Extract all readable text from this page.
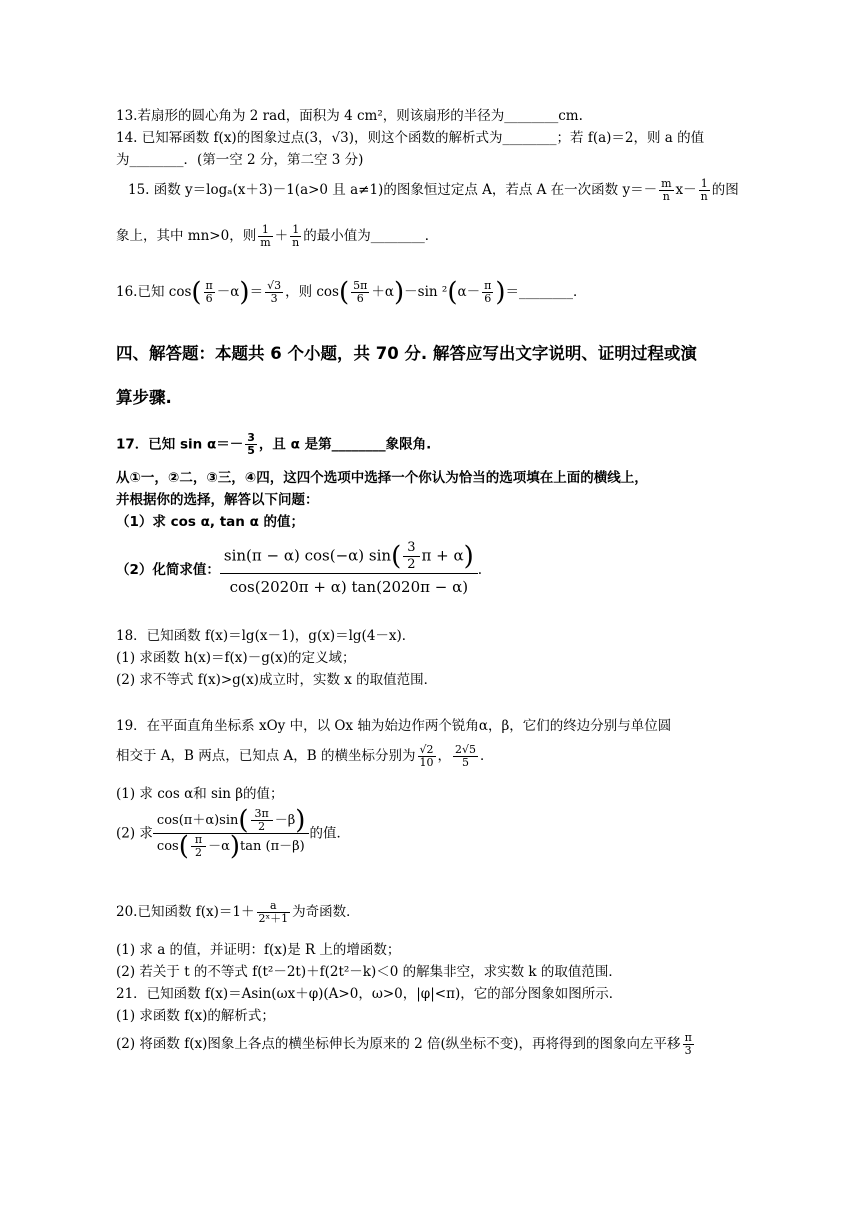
13.若扇形的圆心角为 2 rad，面积为 4 cm²，则该扇形的半径为________cm.
14. 已知幂函数 f(x)的图象过点(3，√3)，则这个函数的解析式为________；若 f(a)＝2，则 a 的值
为________．(第一空 2 分，第二空 3 分)
15. 函数 y＝logₐ(x＋3)－1(a>0 且 a≠1)的图象恒过定点 A，若点 A 在一次函数 $y=- \frac{m}{n} x- \frac{1}{n}$ 的图
象上，其中 mn>0，则 $\frac{1}{m} + \frac{1}{n}$ 的最小值为________．
16.已知 $\cos( \frac{\pi}{6} -\alpha)= \frac{√3}{3}$ ，则 $\cos( \frac{5\pi}{6} +\alpha)-\sin$ $^2(\alpha- \frac{\pi}{6}$ )＝________．
四、解答题：本题共 6 个小题，共 70 分. 解答应写出文字说明、证明过程或演
算步骤.
17．已知 $\sin \alpha=- \frac{3}{5}$ ，且 α 是第________象限角.
从①一，②二，③三，④四，这四个选项中选择一个你认为恰当的选项填在上面的横线上，
并根据你的选择，解答以下问题：
（1）求 cos α, tan α 的值；
（2）化简求值： $\frac{\sin(\pi - \alpha) \cos(-\alpha) \sin( \frac{3}{2} \pi + \alpha)}{\cos(2020\pi + \alpha) \tan(2020\pi - \alpha)}$ .
18．已知函数 f(x)＝lg(x－1)，g(x)＝lg(4－x)．
(1) 求函数 h(x)＝f(x)－g(x)的定义域；
(2) 求不等式 f(x)>g(x)成立时，实数 x 的取值范围．
19．在平面直角坐标系 xOy 中，以 Ox 轴为始边作两个锐角α，β，它们的终边分别与单位圆
相交于 A，B 两点，已知点 A，B 的横坐标分别为 $\frac{√2}{10}$ ， $\frac{2√5}{5}$ ．
(1) 求 cos α和 sin β的值；
(2) 求 $\frac{\cos(\pi+\alpha)\sin( \frac{3\pi}{2} -\beta)}{\cos( \frac{\pi}{2} -\alpha)\tan (\pi-\beta)}$ 的值．
20.已知函数 $f(x)=1+ \frac{a}{\text{2ˣ＋1}}$ 为奇函数．
(1) 求 a 的值，并证明：f(x)是 R 上的增函数；
(2) 若关于 t 的不等式 f(t²－2t)＋f(2t²－k)＜0 的解集非空，求实数 k 的取值范围．
21．已知函数 f(x)＝Asin(ωx＋φ)(A>0，ω>0，|φ|<π)，它的部分图象如图所示．
(1) 求函数 f(x)的解析式；
(2) 将函数 f(x)图象上各点的横坐标伸长为原来的 2 倍(纵坐标不变)，再将得到的图象向左平移 $\frac{\pi}{3}$
